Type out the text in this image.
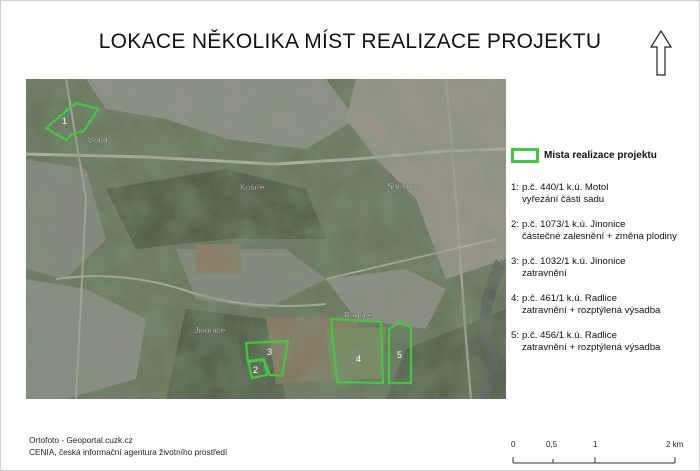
LOKACE NĚKOLIKA MÍST REALIZACE PROJEKTU
1
2
3
4	5
Motol
Košíře	Smíchov
Jinonice
Radlice
Mista realizace projektu
1: p.č. 440/1 k.ú. Motol
vyřezání části sadu
2: p.č. 1073/1 k.ú. Jinonice
částečné zalesnění + změna plodiny
3: p.č. 1032/1 k.ú. Jinonice
zatravnění
4: p.č. 461/1 k.ú. Radlice
zatravnění + rozptýlená výsadba
5: p.č. 456/1 k.ú. Radlice
zatravnění + rozptýlená výsadba
Ortofoto - Geoportal.cuzk.cz
CENIA, česká informační agentura životního prostředí
0	0,5	1	2 km
